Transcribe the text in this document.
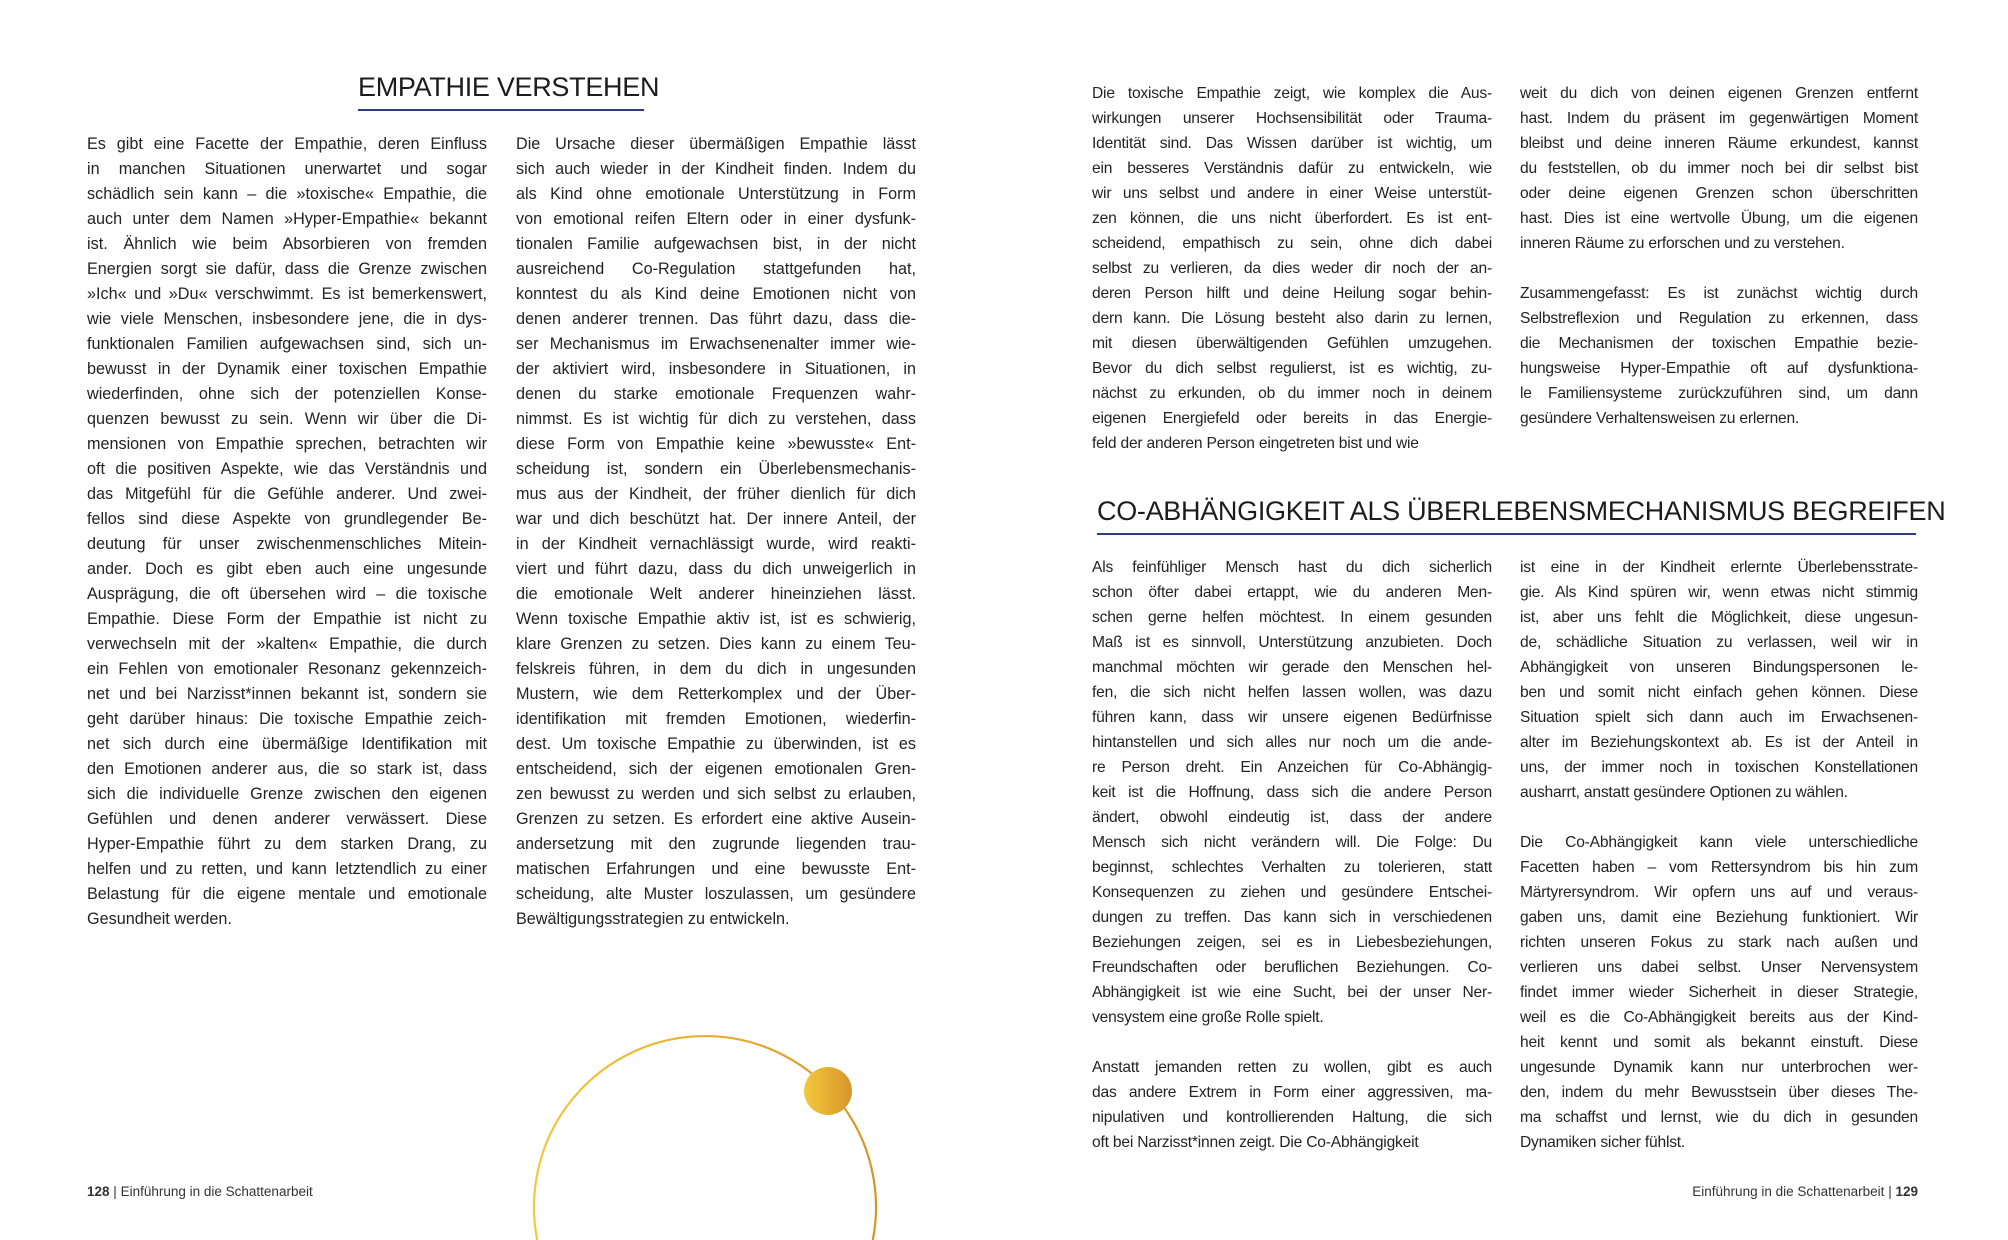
EMPATHIE VERSTEHEN
Es gibt eine Facette der Empathie, deren Einfluss
in manchen Situationen unerwartet und sogar
schädlich sein kann – die »toxische« Empathie, die
auch unter dem Namen »Hyper-Empathie« bekannt
ist. Ähnlich wie beim Absorbieren von fremden
Energien sorgt sie dafür, dass die Grenze zwischen
»Ich« und »Du« verschwimmt. Es ist bemerkenswert,
wie viele Menschen, insbesondere jene, die in dys-
funktionalen Familien aufgewachsen sind, sich un-
bewusst in der Dynamik einer toxischen Empathie
wiederfinden, ohne sich der potenziellen Konse-
quenzen bewusst zu sein. Wenn wir über die Di-
mensionen von Empathie sprechen, betrachten wir
oft die positiven Aspekte, wie das Verständnis und
das Mitgefühl für die Gefühle anderer. Und zwei-
fellos sind diese Aspekte von grundlegender Be-
deutung für unser zwischenmenschliches Mitein-
ander. Doch es gibt eben auch eine ungesunde
Ausprägung, die oft übersehen wird – die toxische
Empathie. Diese Form der Empathie ist nicht zu
verwechseln mit der »kalten« Empathie, die durch
ein Fehlen von emotionaler Resonanz gekennzeich-
net und bei Narzisst*innen bekannt ist, sondern sie
geht darüber hinaus: Die toxische Empathie zeich-
net sich durch eine übermäßige Identifikation mit
den Emotionen anderer aus, die so stark ist, dass
sich die individuelle Grenze zwischen den eigenen
Gefühlen und denen anderer verwässert. Diese
Hyper-Empathie führt zu dem starken Drang, zu
helfen und zu retten, und kann letztendlich zu einer
Belastung für die eigene mentale und emotionale
Gesundheit werden.
Die Ursache dieser übermäßigen Empathie lässt
sich auch wieder in der Kindheit finden. Indem du
als Kind ohne emotionale Unterstützung in Form
von emotional reifen Eltern oder in einer dysfunk-
tionalen Familie aufgewachsen bist, in der nicht
ausreichend Co-Regulation stattgefunden hat,
konntest du als Kind deine Emotionen nicht von
denen anderer trennen. Das führt dazu, dass die-
ser Mechanismus im Erwachsenenalter immer wie-
der aktiviert wird, insbesondere in Situationen, in
denen du starke emotionale Frequenzen wahr-
nimmst. Es ist wichtig für dich zu verstehen, dass
diese Form von Empathie keine »bewusste« Ent-
scheidung ist, sondern ein Überlebensmechanis-
mus aus der Kindheit, der früher dienlich für dich
war und dich beschützt hat. Der innere Anteil, der
in der Kindheit vernachlässigt wurde, wird reakti-
viert und führt dazu, dass du dich unweigerlich in
die emotionale Welt anderer hineinziehen lässt.
Wenn toxische Empathie aktiv ist, ist es schwierig,
klare Grenzen zu setzen. Dies kann zu einem Teu-
felskreis führen, in dem du dich in ungesunden
Mustern, wie dem Retterkomplex und der Über-
identifikation mit fremden Emotionen, wiederfin-
dest. Um toxische Empathie zu überwinden, ist es
entscheidend, sich der eigenen emotionalen Gren-
zen bewusst zu werden und sich selbst zu erlauben,
Grenzen zu setzen. Es erfordert eine aktive Ausein-
andersetzung mit den zugrunde liegenden trau-
matischen Erfahrungen und eine bewusste Ent-
scheidung, alte Muster loszulassen, um gesündere
Bewältigungsstrategien zu entwickeln.
Die toxische Empathie zeigt, wie komplex die Aus-
wirkungen unserer Hochsensibilität oder Trauma-
Identität sind. Das Wissen darüber ist wichtig, um
ein besseres Verständnis dafür zu entwickeln, wie
wir uns selbst und andere in einer Weise unterstüt-
zen können, die uns nicht überfordert. Es ist ent-
scheidend, empathisch zu sein, ohne dich dabei
selbst zu verlieren, da dies weder dir noch der an-
deren Person hilft und deine Heilung sogar behin-
dern kann. Die Lösung besteht also darin zu lernen,
mit diesen überwältigenden Gefühlen umzugehen.
Bevor du dich selbst regulierst, ist es wichtig, zu-
nächst zu erkunden, ob du immer noch in deinem
eigenen Energiefeld oder bereits in das Energie-
feld der anderen Person eingetreten bist und wie
weit du dich von deinen eigenen Grenzen entfernt
hast. Indem du präsent im gegenwärtigen Moment
bleibst und deine inneren Räume erkundest, kannst
du feststellen, ob du immer noch bei dir selbst bist
oder deine eigenen Grenzen schon überschritten
hast. Dies ist eine wertvolle Übung, um die eigenen
inneren Räume zu erforschen und zu verstehen.
Zusammengefasst: Es ist zunächst wichtig durch
Selbstreflexion und Regulation zu erkennen, dass
die Mechanismen der toxischen Empathie bezie-
hungsweise Hyper-Empathie oft auf dysfunktiona-
le Familiensysteme zurückzuführen sind, um dann
gesündere Verhaltensweisen zu erlernen.
CO-ABHÄNGIGKEIT ALS ÜBERLEBENSMECHANISMUS BEGREIFEN
Als feinfühliger Mensch hast du dich sicherlich
schon öfter dabei ertappt, wie du anderen Men-
schen gerne helfen möchtest. In einem gesunden
Maß ist es sinnvoll, Unterstützung anzubieten. Doch
manchmal möchten wir gerade den Menschen hel-
fen, die sich nicht helfen lassen wollen, was dazu
führen kann, dass wir unsere eigenen Bedürfnisse
hintanstellen und sich alles nur noch um die ande-
re Person dreht. Ein Anzeichen für Co-Abhängig-
keit ist die Hoffnung, dass sich die andere Person
ändert, obwohl eindeutig ist, dass der andere
Mensch sich nicht verändern will. Die Folge: Du
beginnst, schlechtes Verhalten zu tolerieren, statt
Konsequenzen zu ziehen und gesündere Entschei-
dungen zu treffen. Das kann sich in verschiedenen
Beziehungen zeigen, sei es in Liebesbeziehungen,
Freundschaften oder beruflichen Beziehungen. Co-
Abhängigkeit ist wie eine Sucht, bei der unser Ner-
vensystem eine große Rolle spielt.
Anstatt jemanden retten zu wollen, gibt es auch
das andere Extrem in Form einer aggressiven, ma-
nipulativen und kontrollierenden Haltung, die sich
oft bei Narzisst*innen zeigt. Die Co-Abhängigkeit
ist eine in der Kindheit erlernte Überlebensstrate-
gie. Als Kind spüren wir, wenn etwas nicht stimmig
ist, aber uns fehlt die Möglichkeit, diese ungesun-
de, schädliche Situation zu verlassen, weil wir in
Abhängigkeit von unseren Bindungspersonen le-
ben und somit nicht einfach gehen können. Diese
Situation spielt sich dann auch im Erwachsenen-
alter im Beziehungskontext ab. Es ist der Anteil in
uns, der immer noch in toxischen Konstellationen
ausharrt, anstatt gesündere Optionen zu wählen.
Die Co-Abhängigkeit kann viele unterschiedliche
Facetten haben – vom Rettersyndrom bis hin zum
Märtyrersyndrom. Wir opfern uns auf und veraus-
gaben uns, damit eine Beziehung funktioniert. Wir
richten unseren Fokus zu stark nach außen und
verlieren uns dabei selbst. Unser Nervensystem
findet immer wieder Sicherheit in dieser Strategie,
weil es die Co-Abhängigkeit bereits aus der Kind-
heit kennt und somit als bekannt einstuft. Diese
ungesunde Dynamik kann nur unterbrochen wer-
den, indem du mehr Bewusstsein über dieses The-
ma schaffst und lernst, wie du dich in gesunden
Dynamiken sicher fühlst.
128 | Einführung in die Schattenarbeit	Einführung in die Schattenarbeit | 129
